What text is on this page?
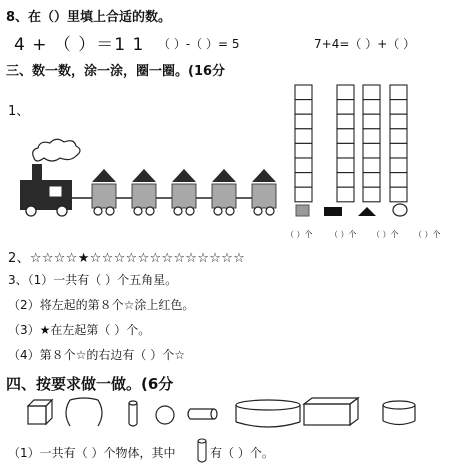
8、在（）里填上合适的数。
4 + （ ）＝1 1 （ ）-（ ）= 5	7+4=（ ）+（ ）
三、数一数，涂一涂，圈一圈。(16分
1、
（ ）个 （ ）个 （ ）个 （ ）个
2、☆☆☆☆★☆☆☆☆☆☆☆☆☆☆☆☆☆
3、（1）一共有（ ）个五角星。
（2）将左起的第８个☆涂上红色。
（3）★在左起第（ ）个。
（4）第８个☆的右边有（ ）个☆
四、按要求做一做。(6分
（1）一共有（ ）个物体，其中	有（ ）个。
